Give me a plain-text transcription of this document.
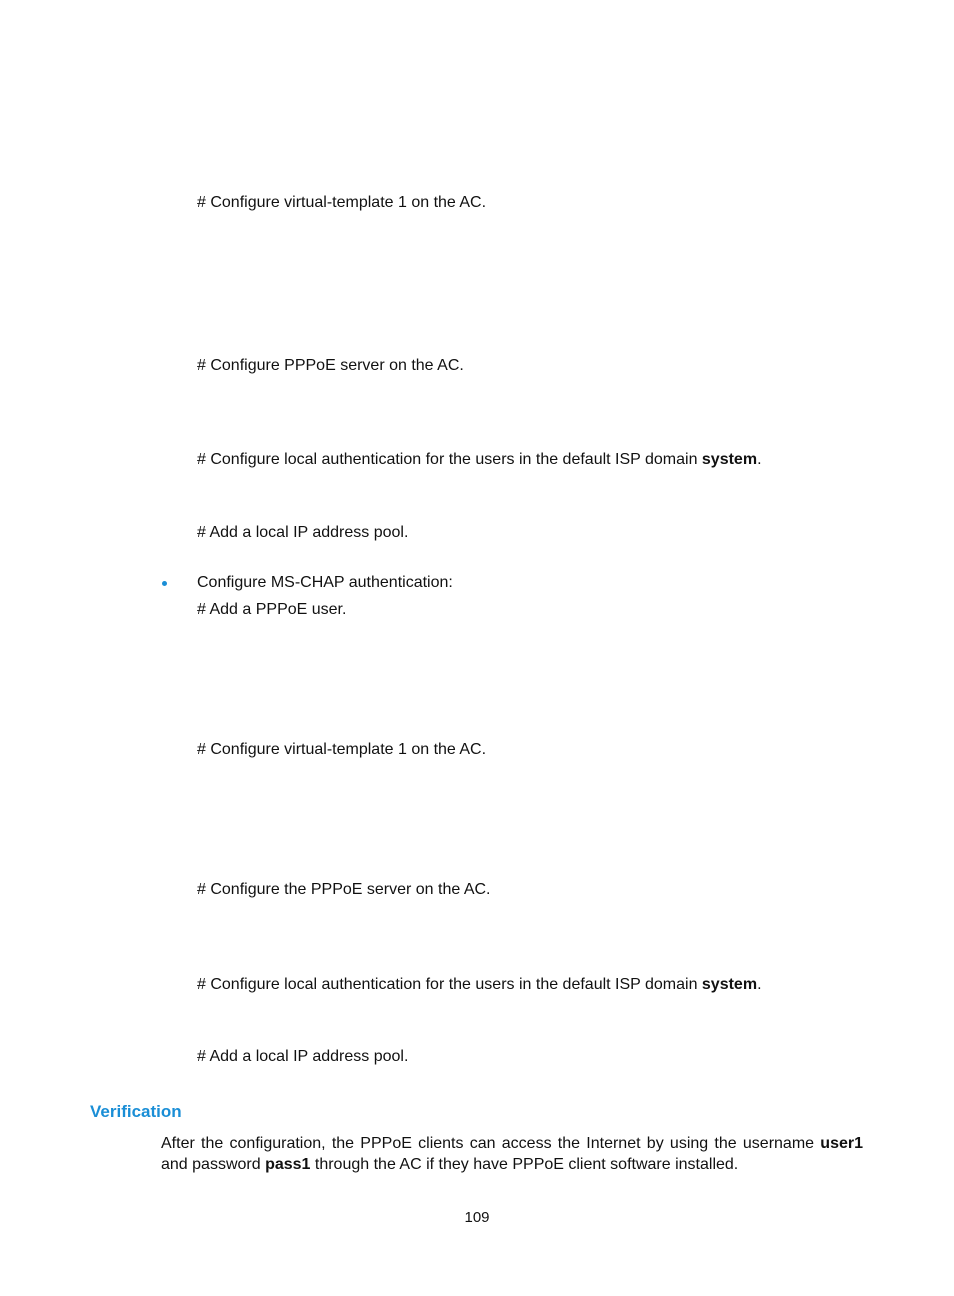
# Configure virtual-template 1 on the AC.
# Configure PPPoE server on the AC.
# Configure local authentication for the users in the default ISP domain system.
# Add a local IP address pool.
Configure MS-CHAP authentication:
# Add a PPPoE user.
# Configure virtual-template 1 on the AC.
# Configure the PPPoE server on the AC.
# Configure local authentication for the users in the default ISP domain system.
# Add a local IP address pool.
Verification
After the configuration, the PPPoE clients can access the Internet by using the username user1 and password pass1 through the AC if they have PPPoE client software installed.
109
